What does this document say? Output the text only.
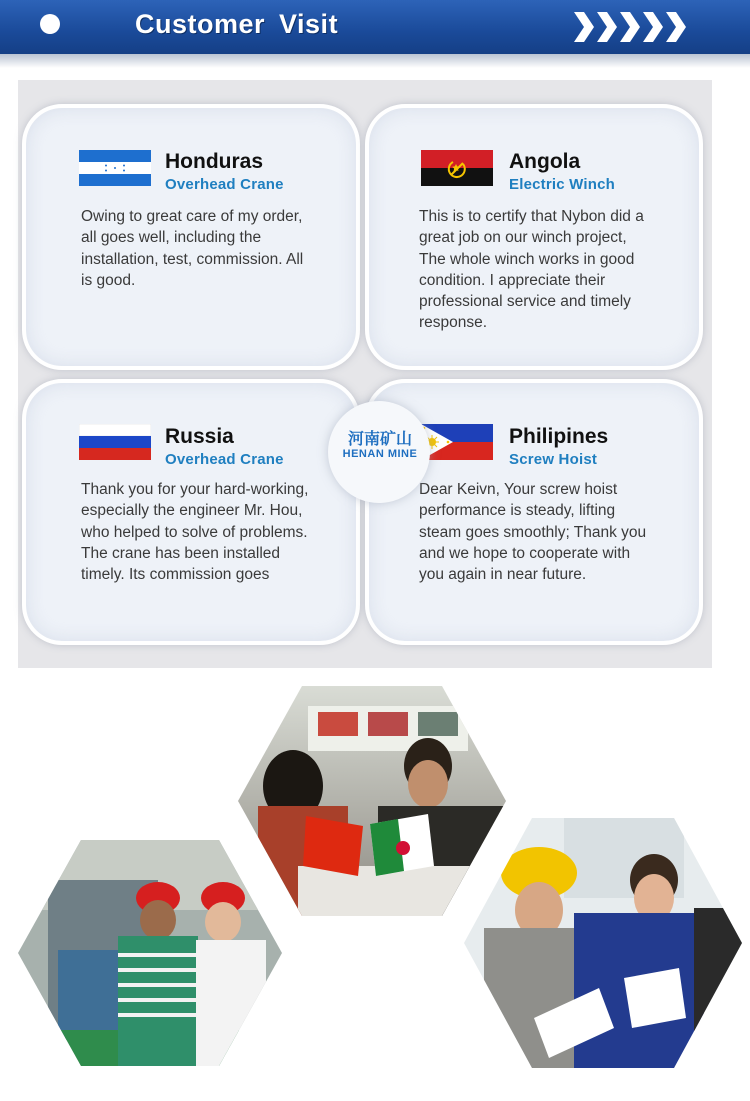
Customer Visit
Honduras
Overhead Crane

Owing to great care of my order, all goes well, including the installation, test, commission. All is good.

Angola
Electric Winch

This is to certify that Nybon did a great job on our winch project, The whole winch works in good condition. I appreciate their professional service and timely response.

Russia
Overhead Crane

Thank you for your hard-working, especially the engineer Mr. Hou, who helped to solve of problems. The crane has been installed timely. Its commission goes

Philipines
Screw Hoist

Dear Keivn, Your screw hoist performance is steady, lifting steam goes smoothly; Thank you and we hope to cooperate with you again in near future.

河南矿山
HENAN MINE
